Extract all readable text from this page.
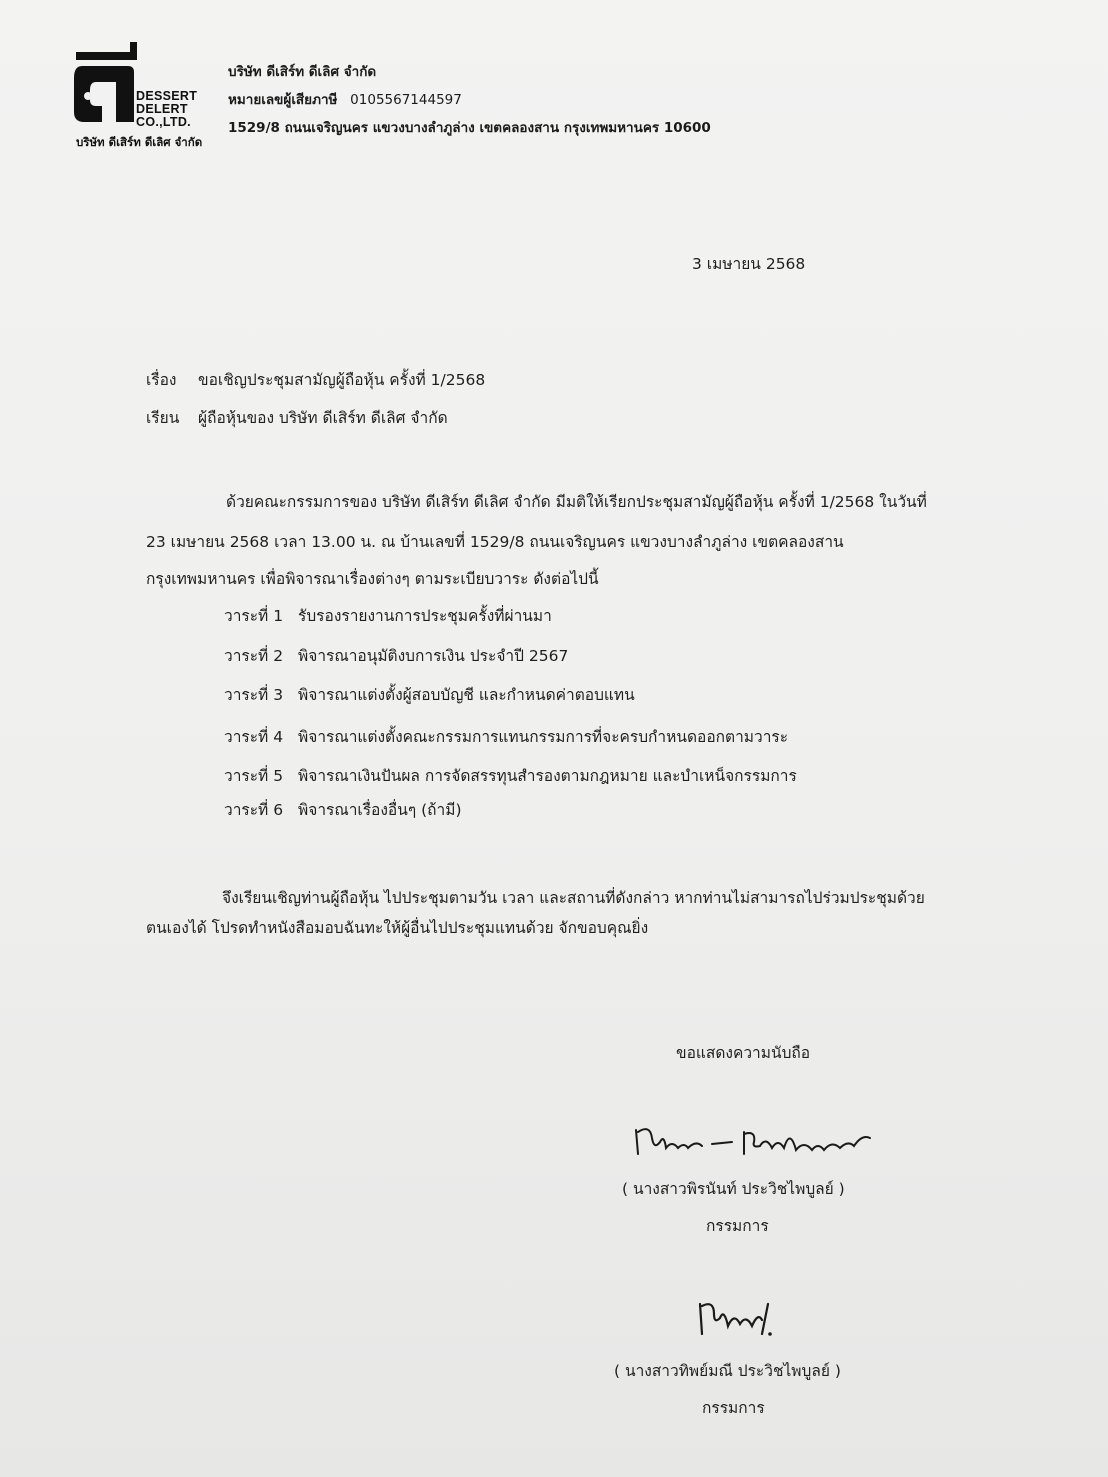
DESSERT
DELERT
CO.,LTD.
บริษัท ดีเสิร์ท ดีเลิศ จำกัด
บริษัท ดีเสิร์ท ดีเลิศ จำกัด
หมายเลขผู้เสียภาษี 0105567144597
1529/8 ถนนเจริญนคร แขวงบางลำภูล่าง เขตคลองสาน กรุงเทพมหานคร 10600
3 เมษายน 2568
เรื่อง ขอเชิญประชุมสามัญผู้ถือหุ้น ครั้งที่ 1/2568
เรียน ผู้ถือหุ้นของ บริษัท ดีเสิร์ท ดีเลิศ จำกัด
ด้วยคณะกรรมการของ บริษัท ดีเสิร์ท ดีเลิศ จำกัด มีมติให้เรียกประชุมสามัญผู้ถือหุ้น ครั้งที่ 1/2568 ในวันที่
23 เมษายน 2568 เวลา 13.00 น. ณ บ้านเลขที่ 1529/8 ถนนเจริญนคร แขวงบางลำภูล่าง เขตคลองสาน
กรุงเทพมหานคร เพื่อพิจารณาเรื่องต่างๆ ตามระเบียบวาระ ดังต่อไปนี้
วาระที่ 1 รับรองรายงานการประชุมครั้งที่ผ่านมา
วาระที่ 2 พิจารณาอนุมัติงบการเงิน ประจำปี 2567
วาระที่ 3 พิจารณาแต่งตั้งผู้สอบบัญชี และกำหนดค่าตอบแทน
วาระที่ 4 พิจารณาแต่งตั้งคณะกรรมการแทนกรรมการที่จะครบกำหนดออกตามวาระ
วาระที่ 5 พิจารณาเงินปันผล การจัดสรรทุนสำรองตามกฎหมาย และบำเหน็จกรรมการ
วาระที่ 6 พิจารณาเรื่องอื่นๆ (ถ้ามี)
จึงเรียนเชิญท่านผู้ถือหุ้น ไปประชุมตามวัน เวลา และสถานที่ดังกล่าว หากท่านไม่สามารถไปร่วมประชุมด้วย
ตนเองได้ โปรดทำหนังสือมอบฉันทะให้ผู้อื่นไปประชุมแทนด้วย จักขอบคุณยิ่ง
ขอแสดงความนับถือ
( นางสาวพิรนันท์ ประวิชไพบูลย์ )
กรรมการ
( นางสาวทิพย์มณี ประวิชไพบูลย์ )
กรรมการ
